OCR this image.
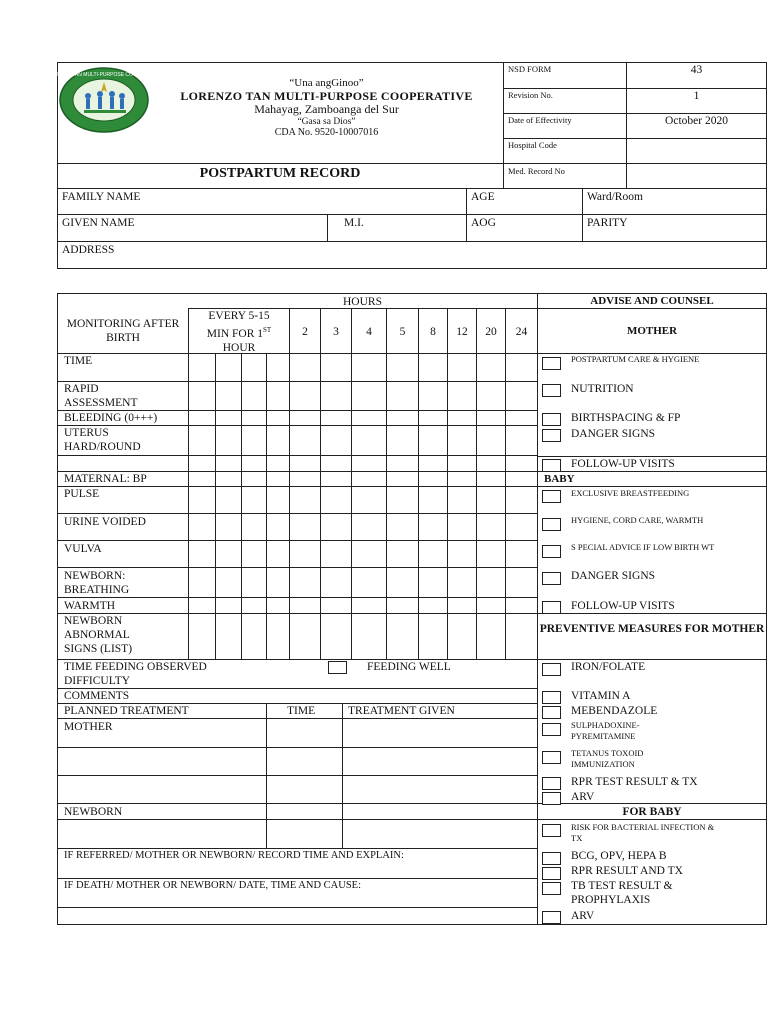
LORENZO TAN MULTI-PURPOSE COOPERATIVE
“Una angGinoo”
LORENZO TAN MULTI-PURPOSE COOPERATIVE
Mahayag, Zamboanga del Sur
“Gasa sa Dios”
CDA No. 9520-10007016
POSTPARTUM RECORD
NSD FORM	43
Revision No.	1
Date of Effectivity	October 2020
Hospital Code
Med. Record No
FAMILY NAME	AGE	Ward/Room
GIVEN NAME	M.I.	AOG	PARITY
ADDRESS
HOURS
MONITORING AFTER BIRTH
EVERY 5-15
MIN FOR 1ST
HOUR
2	3	4	5	8	12	20	24
TIME
RAPID ASSESSMENT
BLEEDING (0+++)
UTERUS HARD/ROUND
MATERNAL: BP
PULSE
URINE VOIDED
VULVA
NEWBORN: BREATHING
WARMTH
NEWBORN ABNORMAL SIGNS (LIST)
TIME FEEDING OBSERVED DIFFICULTY
FEEDING WELL
COMMENTS
PLANNED TREATMENT	TIME	TREATMENT GIVEN
MOTHER
NEWBORN
IF REFERRED/ MOTHER OR NEWBORN/ RECORD TIME AND EXPLAIN:
IF DEATH/ MOTHER OR NEWBORN/ DATE, TIME AND CAUSE:
ADVISE AND COUNSEL
MOTHER
POSTPARTUM CARE & HYGIENE
NUTRITION
BIRTHSPACING & FP
DANGER SIGNS
FOLLOW-UP VISITS
BABY
EXCLUSIVE BREASTFEEDING
HYGIENE, CORD CARE, WARMTH
S PECIAL ADVICE IF LOW BIRTH WT
DANGER SIGNS
FOLLOW-UP VISITS
PREVENTIVE MEASURES FOR MOTHER
IRON/FOLATE
VITAMIN A
MEBENDAZOLE
SULPHADOXINE-PYREMITAMINE
TETANUS TOXOID IMMUNIZATION
RPR TEST RESULT & TX
ARV
FOR BABY
RISK FOR BACTERIAL INFECTION & TX
BCG, OPV, HEPA B
RPR RESULT AND TX
TB TEST RESULT & PROPHYLAXIS
ARV
